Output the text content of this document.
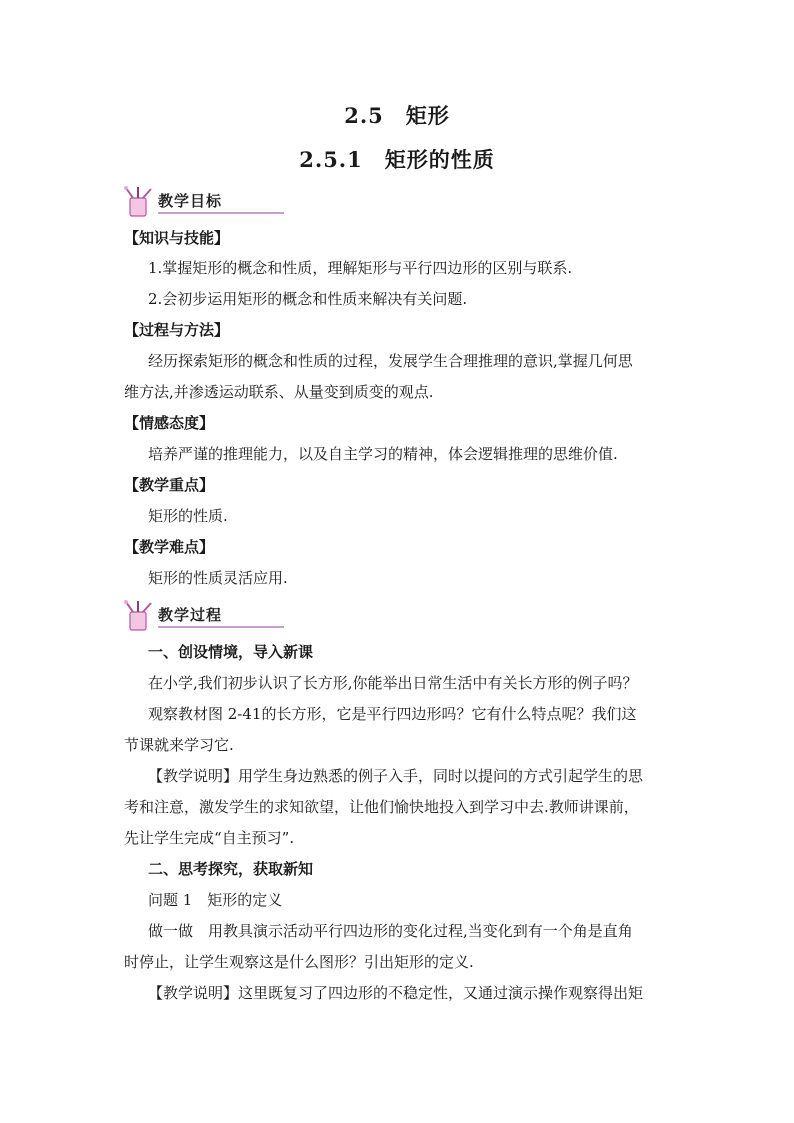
2.5　矩形
2.5.1　矩形的性质
教学目标
【知识与技能】
1.掌握矩形的概念和性质，理解矩形与平行四边形的区别与联系.
2.会初步运用矩形的概念和性质来解决有关问题.
【过程与方法】
经历探索矩形的概念和性质的过程，发展学生合理推理的意识,掌握几何思
维方法,并渗透运动联系、从量变到质变的观点.
【情感态度】
培养严谨的推理能力，以及自主学习的精神，体会逻辑推理的思维价值.
【教学重点】
矩形的性质.
【教学难点】
矩形的性质灵活应用.
教学过程
一、创设情境，导入新课
在小学,我们初步认识了长方形,你能举出日常生活中有关长方形的例子吗？
观察教材图 2-41的长方形，它是平行四边形吗？它有什么特点呢？我们这
节课就来学习它.
【教学说明】用学生身边熟悉的例子入手，同时以提问的方式引起学生的思
考和注意，激发学生的求知欲望，让他们愉快地投入到学习中去.教师讲课前，
先让学生完成“自主预习”.
二、思考探究，获取新知
问题 1　矩形的定义
做一做　用教具演示活动平行四边形的变化过程,当变化到有一个角是直角
时停止，让学生观察这是什么图形？引出矩形的定义.
【教学说明】这里既复习了四边形的不稳定性，又通过演示操作观察得出矩
